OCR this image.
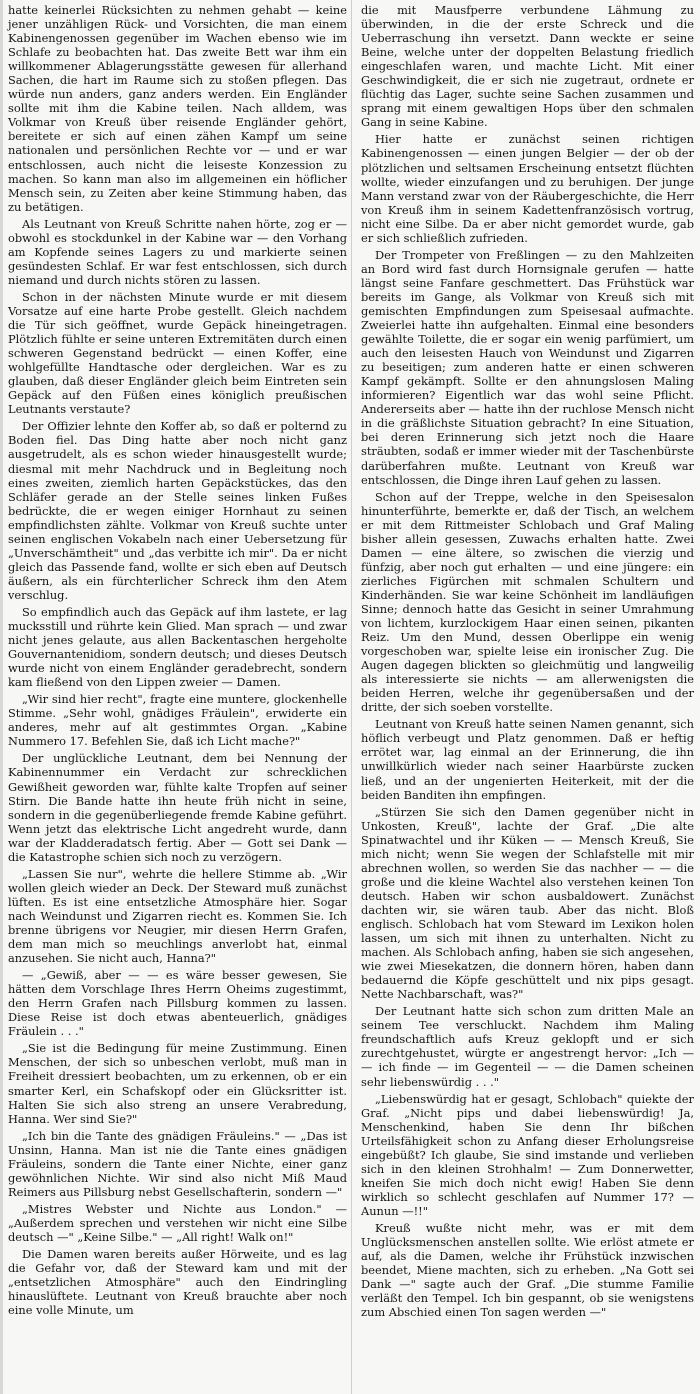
hatte keinerlei Rücksichten zu nehmen gehabt — keine jener unzähligen Rück- und Vorsichten, die man einem Kabinengenossen gegenüber im Wachen ebenso wie im Schlafe zu beobachten hat. Das zweite Bett war ihm ein willkommener Ablagerungsstätte gewesen für allerhand Sachen, die hart im Raume sich zu stoßen pflegen. Das würde nun anders, ganz anders werden. Ein Engländer sollte mit ihm die Kabine teilen. Nach alldem, was Volkmar von Kreuß über reisende Engländer gehört, bereitete er sich auf einen zähen Kampf um seine nationalen und persönlichen Rechte vor — und er war entschlossen, auch nicht die leiseste Konzession zu machen. So kann man also im allgemeinen ein höflicher Mensch sein, zu Zeiten aber keine Stimmung haben, das zu betätigen.

Als Leutnant von Kreuß Schritte nahen hörte, zog er — obwohl es stockdunkel in der Kabine war — den Vorhang am Kopfende seines Lagers zu und markierte seinen gesündesten Schlaf. Er war fest entschlossen, sich durch niemand und durch nichts stören zu lassen.

Schon in der nächsten Minute wurde er mit diesem Vorsatze auf eine harte Probe gestellt. Gleich nachdem die Tür sich geöffnet, wurde Gepäck hineingetragen. Plötzlich fühlte er seine unteren Extremitäten durch einen schweren Gegenstand bedrückt — einen Koffer, eine wohlgefüllte Handtasche oder dergleichen. War es zu glauben, daß dieser Engländer gleich beim Eintreten sein Gepäck auf den Füßen eines königlich preußischen Leutnants verstaute?

Der Offizier lehnte den Koffer ab, so daß er polternd zu Boden fiel. Das Ding hatte aber noch nicht ganz ausgetrudelt, als es schon wieder hinausgestellt wurde; diesmal mit mehr Nachdruck und in Begleitung noch eines zweiten, ziemlich harten Gepäckstückes, das den Schläfer gerade an der Stelle seines linken Fußes bedrückte, die er wegen einiger Hornhaut zu seinen empfindlichsten zählte. Volkmar von Kreuß suchte unter seinen englischen Vokabeln nach einer Uebersetzung für „Unverschämtheit" und „das verbitte ich mir". Da er nicht gleich das Passende fand, wollte er sich eben auf Deutsch äußern, als ein fürchterlicher Schreck ihm den Atem verschlug.

So empfindlich auch das Gepäck auf ihm lastete, er lag mucksstill und rührte kein Glied. Man sprach — und zwar nicht jenes gelaute, aus allen Backentaschen hergeholte Gouvernantenidiom, sondern deutsch; und dieses Deutsch wurde nicht von einem Engländer geradebrecht, sondern kam fließend von den Lippen zweier — Damen.

„Wir sind hier recht", fragte eine muntere, glockenhelle Stimme. „Sehr wohl, gnädiges Fräulein", erwiderte ein anderes, mehr auf alt gestimmtes Organ. „Kabine Nummero 17. Befehlen Sie, daß ich Licht mache?"

Der unglückliche Leutnant, dem bei Nennung der Kabinennummer ein Verdacht zur schrecklichen Gewißheit geworden war, fühlte kalte Tropfen auf seiner Stirn. Die Bande hatte ihn heute früh nicht in seine, sondern in die gegenüberliegende fremde Kabine geführt. Wenn jetzt das elektrische Licht angedreht wurde, dann war der Kladderadatsch fertig. Aber — Gott sei Dank — die Katastrophe schien sich noch zu verzögern.

„Lassen Sie nur", wehrte die hellere Stimme ab. „Wir wollen gleich wieder an Deck. Der Steward muß zunächst lüften. Es ist eine entsetzliche Atmosphäre hier. Sogar nach Weindunst und Zigarren riecht es. Kommen Sie. Ich brenne übrigens vor Neugier, mir diesen Herrn Grafen, dem man mich so meuchlings anverlobt hat, einmal anzusehen. Sie nicht auch, Hanna?"

— „Gewiß, aber — — es wäre besser gewesen, Sie hätten dem Vorschlage Ihres Herrn Oheims zugestimmt, den Herrn Grafen nach Pillsburg kommen zu lassen. Diese Reise ist doch etwas abenteuerlich, gnädiges Fräulein . . ."

„Sie ist die Bedingung für meine Zustimmung. Einen Menschen, der sich so unbeschen verlobt, muß man in Freiheit dressiert beobachten, um zu erkennen, ob er ein smarter Kerl, ein Schafskopf oder ein Glücksritter ist. Halten Sie sich also streng an unsere Verabredung, Hanna. Wer sind Sie?"

„Ich bin die Tante des gnädigen Fräuleins." — „Das ist Unsinn, Hanna. Man ist nie die Tante eines gnädigen Fräuleins, sondern die Tante einer Nichte, einer ganz gewöhnlichen Nichte. Wir sind also nicht Miß Maud Reimers aus Pillsburg nebst Gesellschafterin, sondern —"

„Mistres Webster und Nichte aus London." — „Außerdem sprechen und verstehen wir nicht eine Silbe deutsch —" „Keine Silbe." — „All right! Walk on!"

Die Damen waren bereits außer Hörweite, und es lag die Gefahr vor, daß der Steward kam und mit der „entsetzlichen Atmosphäre" auch den Eindringling hinauslüftete. Leutnant von Kreuß brauchte aber noch eine volle Minute, um

die mit Mausfperre verbundene Lähmung zu überwinden, in die der erste Schreck und die Ueberraschung ihn versetzt. Dann weckte er seine Beine, welche unter der doppelten Belastung friedlich eingeschlafen waren, und machte Licht. Mit einer Geschwindigkeit, die er sich nie zugetraut, ordnete er flüchtig das Lager, suchte seine Sachen zusammen und sprang mit einem gewaltigen Hops über den schmalen Gang in seine Kabine.

Hier hatte er zunächst seinen richtigen Kabinengenossen — einen jungen Belgier — der ob der plötzlichen und seltsamen Erscheinung entsetzt flüchten wollte, wieder einzufangen und zu beruhigen. Der junge Mann verstand zwar von der Räubergeschichte, die Herr von Kreuß ihm in seinem Kadettenfranzösisch vortrug, nicht eine Silbe. Da er aber nicht gemordet wurde, gab er sich schließlich zufrieden.

Der Trompeter von Freßlingen — zu den Mahlzeiten an Bord wird fast durch Hornsignale gerufen — hatte längst seine Fanfare geschmettert. Das Frühstück war bereits im Gange, als Volkmar von Kreuß sich mit gemischten Empfindungen zum Speisesaal aufmachte. Zweierlei hatte ihn aufgehalten. Einmal eine besonders gewählte Toilette, die er sogar ein wenig parfümiert, um auch den leisesten Hauch von Weindunst und Zigarren zu beseitigen; zum anderen hatte er einen schweren Kampf gekämpft. Sollte er den ahnungslosen Maling informieren? Eigentlich war das wohl seine Pflicht. Andererseits aber — hatte ihn der ruchlose Mensch nicht in die gräßlichste Situation gebracht? In eine Situation, bei deren Erinnerung sich jetzt noch die Haare sträubten, sodaß er immer wieder mit der Taschenbürste darüberfahren mußte. Leutnant von Kreuß war entschlossen, die Dinge ihren Lauf gehen zu lassen.

Schon auf der Treppe, welche in den Speisesalon hinunterführte, bemerkte er, daß der Tisch, an welchem er mit dem Rittmeister Schlobach und Graf Maling bisher allein gesessen, Zuwachs erhalten hatte. Zwei Damen — eine ältere, so zwischen die vierzig und fünfzig, aber noch gut erhalten — und eine jüngere: ein zierliches Figürchen mit schmalen Schultern und Kinderhänden. Sie war keine Schönheit im landläufigen Sinne; dennoch hatte das Gesicht in seiner Umrahmung von lichtem, kurzlockigem Haar einen seinen, pikanten Reiz. Um den Mund, dessen Oberlippe ein wenig vorgeschoben war, spielte leise ein ironischer Zug. Die Augen dagegen blickten so gleichmütig und langweilig als interessierte sie nichts — am allerwenigsten die beiden Herren, welche ihr gegenübersaßen und der dritte, der sich soeben vorstellte.

Leutnant von Kreuß hatte seinen Namen genannt, sich höflich verbeugt und Platz genommen. Daß er heftig errötet war, lag einmal an der Erinnerung, die ihn unwillkürlich wieder nach seiner Haarbürste zucken ließ, und an der ungenierten Heiterkeit, mit der die beiden Banditen ihn empfingen.

„Stürzen Sie sich den Damen gegenüber nicht in Unkosten, Kreuß", lachte der Graf. „Die alte Spinatwachtel und ihr Küken — — Mensch Kreuß, Sie mich nicht; wenn Sie wegen der Schlafstelle mit mir abrechnen wollen, so werden Sie das nachher — — die große und die kleine Wachtel also verstehen keinen Ton deutsch. Haben wir schon ausbaldowert. Zunächst dachten wir, sie wären taub. Aber das nicht. Bloß englisch. Schlobach hat vom Steward im Lexikon holen lassen, um sich mit ihnen zu unterhalten. Nicht zu machen. Als Schlobach anfing, haben sie sich angesehen, wie zwei Miesekatzen, die donnern hören, haben dann bedauernd die Köpfe geschüttelt und nix pips gesagt. Nette Nachbarschaft, was?"

Der Leutnant hatte sich schon zum dritten Male an seinem Tee verschluckt. Nachdem ihm Maling freundschaftlich aufs Kreuz geklopft und er sich zurechtgehustet, würgte er angestrengt hervor: „Ich — — ich finde — im Gegenteil — — die Damen scheinen sehr liebenswürdig . . ."

„Liebenswürdig hat er gesagt, Schlobach" quiekte der Graf. „Nicht pips und dabei liebenswürdig! Ja, Menschenkind, haben Sie denn Ihr bißchen Urteilsfähigkeit schon zu Anfang dieser Erholungsreise eingebüßt? Ich glaube, Sie sind imstande und verlieben sich in den kleinen Strohhalm! — Zum Donnerwetter, kneifen Sie mich doch nicht ewig! Haben Sie denn wirklich so schlecht geschlafen auf Nummer 17? — Aunun —!!"

Kreuß wußte nicht mehr, was er mit dem Unglücksmenschen anstellen sollte. Wie erlöst atmete er auf, als die Damen, welche ihr Frühstück inzwischen beendet, Miene machten, sich zu erheben. „Na Gott sei Dank —" sagte auch der Graf. „Die stumme Familie verläßt den Tempel. Ich bin gespannt, ob sie wenigstens zum Abschied einen Ton sagen werden —"
